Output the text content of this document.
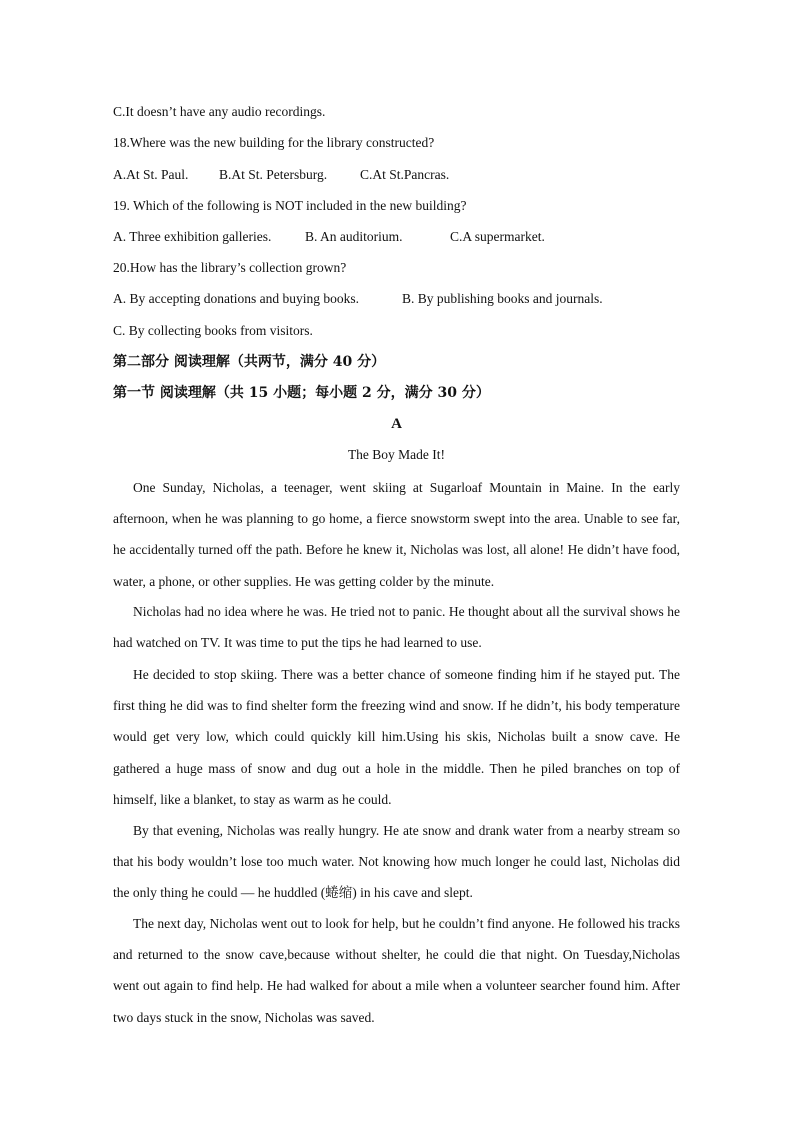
C.It doesn’t have any audio recordings.
18.Where was the new building for the library constructed?
A.At St. Paul. B.At St. Petersburg. C.At St.Pancras.
19. Which of the following is NOT included in the new building?
A. Three exhibition galleries. B. An auditorium.	C.A supermarket.
20.How has the library’s collection grown?
A. By accepting donations and buying books.	B. By publishing books and journals.
C. By collecting books from visitors.
第二部分 阅读理解（共两节，满分 40 分）
第一节 阅读理解（共 15 小题；每小题 2 分，满分 30 分）
A
The Boy Made It!
One Sunday, Nicholas, a teenager, went skiing at Sugarloaf Mountain in Maine. In the early afternoon, when he was planning to go home, a fierce snowstorm swept into the area. Unable to see far, he accidentally turned off the path. Before he knew it, Nicholas was lost, all alone! He didn’t have food, water, a phone, or other supplies. He was getting colder by the minute.
Nicholas had no idea where he was. He tried not to panic. He thought about all the survival shows he had watched on TV. It was time to put the tips he had learned to use.
He decided to stop skiing. There was a better chance of someone finding him if he stayed put. The first thing he did was to find shelter form the freezing wind and snow. If he didn’t, his body temperature would get very low, which could quickly kill him.Using his skis, Nicholas built a snow cave. He gathered a huge mass of snow and dug out a hole in the middle. Then he piled branches on top of himself, like a blanket, to stay as warm as he could.
By that evening, Nicholas was really hungry. He ate snow and drank water from a nearby stream so that his body wouldn’t lose too much water. Not knowing how much longer he could last, Nicholas did the only thing he could — he huddled (蜷缩) in his cave and slept.
The next day, Nicholas went out to look for help, but he couldn’t find anyone. He followed his tracks and returned to the snow cave,because without shelter, he could die that night. On Tuesday,Nicholas went out again to find help. He had walked for about a mile when a volunteer searcher found him. After two days stuck in the snow, Nicholas was saved.
